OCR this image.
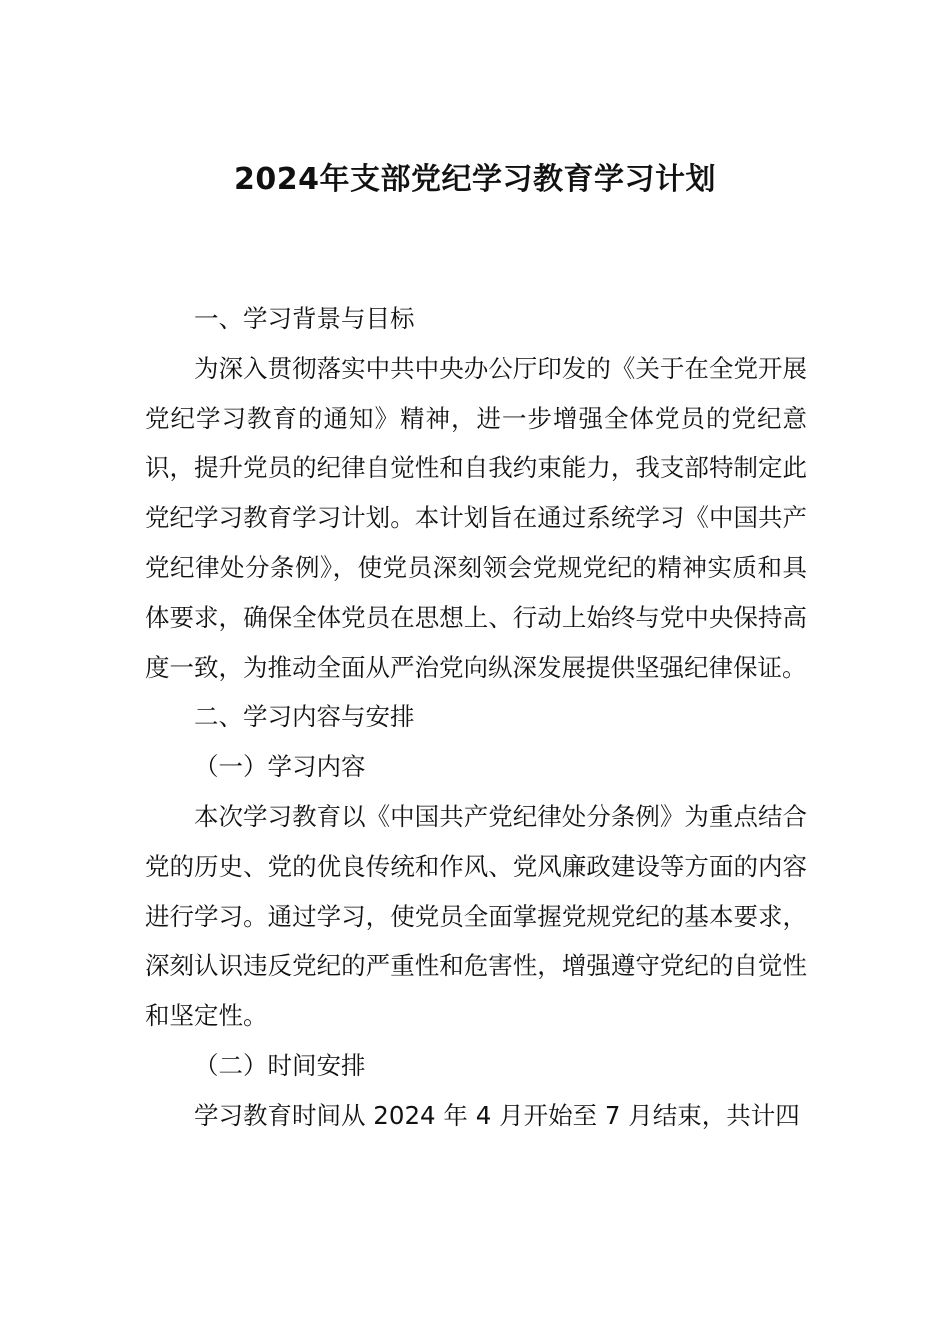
2024年支部党纪学习教育学习计划

一、学习背景与目标

为深入贯彻落实中共中央办公厅印发的《关于在全党开展党纪学习教育的通知》精神，进一步增强全体党员的党纪意识，提升党员的纪律自觉性和自我约束能力，我支部特制定此党纪学习教育学习计划。本计划旨在通过系统学习《中国共产党纪律处分条例》，使党员深刻领会党规党纪的精神实质和具体要求，确保全体党员在思想上、行动上始终与党中央保持高度一致，为推动全面从严治党向纵深发展提供坚强纪律保证。

二、学习内容与安排

（一）学习内容

本次学习教育以《中国共产党纪律处分条例》为重点结合党的历史、党的优良传统和作风、党风廉政建设等方面的内容进行学习。通过学习，使党员全面掌握党规党纪的基本要求，深刻认识违反党纪的严重性和危害性，增强遵守党纪的自觉性和坚定性。

（二）时间安排

学习教育时间从 2024 年 4 月开始至 7 月结束，共计四
